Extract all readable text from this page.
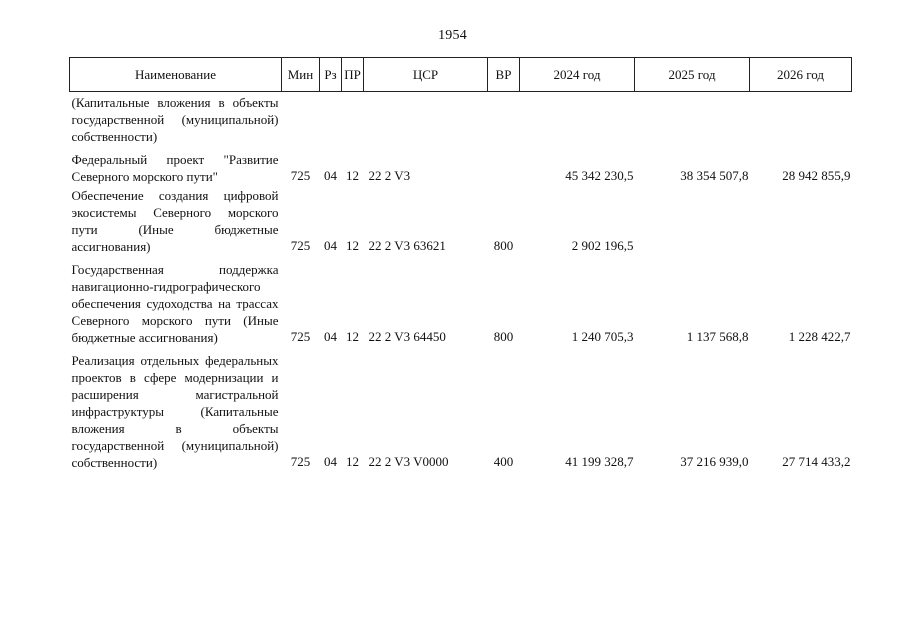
1954
Наименование	Мин	Рз	ПР	ЦСР	ВР	2024 год	2025 год	2026 год
(Капитальные вложения в объекты государственной (муниципальной) собственности)								

Федеральный проект "Развитие Северного морского пути"	725	04	12	22 2 V3		45 342 230,5	38 354 507,8	28 942 855,9
Обеспечение создания цифровой экосистемы Северного морского пути (Иные бюджетные ассигнования)	725	04	12	22 2 V3 63621	800	2 902 196,5		

Государственная поддержка навигационно-гидрографического обеспечения судоходства на трассах Северного морского пути (Иные бюджетные ассигнования)	725	04	12	22 2 V3 64450	800	1 240 705,3	1 137 568,8	1 228 422,7

Реализация отдельных федеральных проектов в сфере модернизации и расширения магистральной инфраструктуры (Капитальные вложения в объекты государственной (муниципальной) собственности)	725	04	12	22 2 V3 V0000	400	41 199 328,7	37 216 939,0	27 714 433,2
